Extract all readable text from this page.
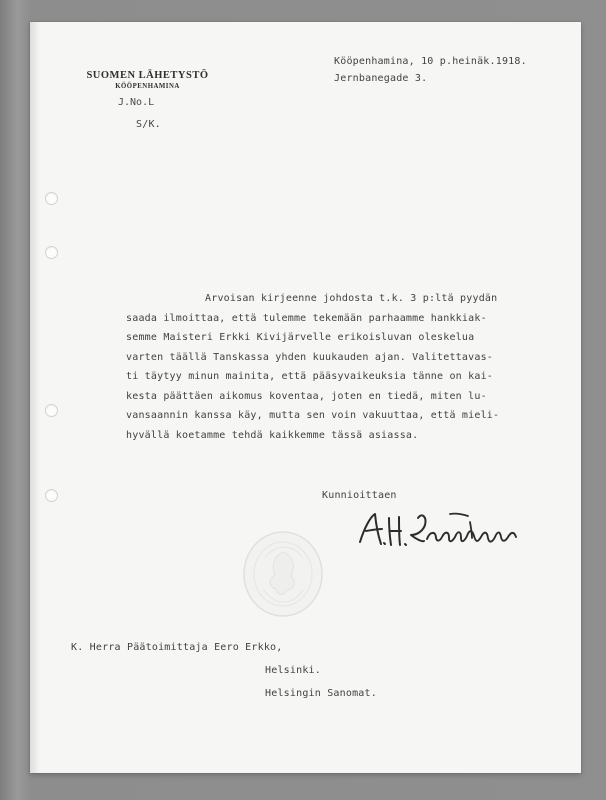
SUOMEN LÄHETYSTÖ
KÖÖPENHAMINA
J.No.L
S/K.
Kööpenhamina, 10 p.heinäk.1918.
Jernbanegade 3.
Arvoisan kirjeenne johdosta t.k. 3 p:ltä pyydän
saada ilmoittaa, että tulemme tekemään parhaamme hankkiak-
semme Maisteri Erkki Kivijärvelle erikoisluvan oleskelua
varten täällä Tanskassa yhden kuukauden ajan. Valitettavas-
ti täytyy minun mainita, että pääsyvaikeuksia tänne on kai-
kesta päättäen aikomus koventaa, joten en tiedä, miten lu-
vansaannin kanssa käy, mutta sen voin vakuuttaa, että mieli-
hyvällä koetamme tehdä kaikkemme tässä asiassa.
Kunnioittaen
K. Herra Päätoimittaja Eero Erkko,
Helsinki.
Helsingin Sanomat.
